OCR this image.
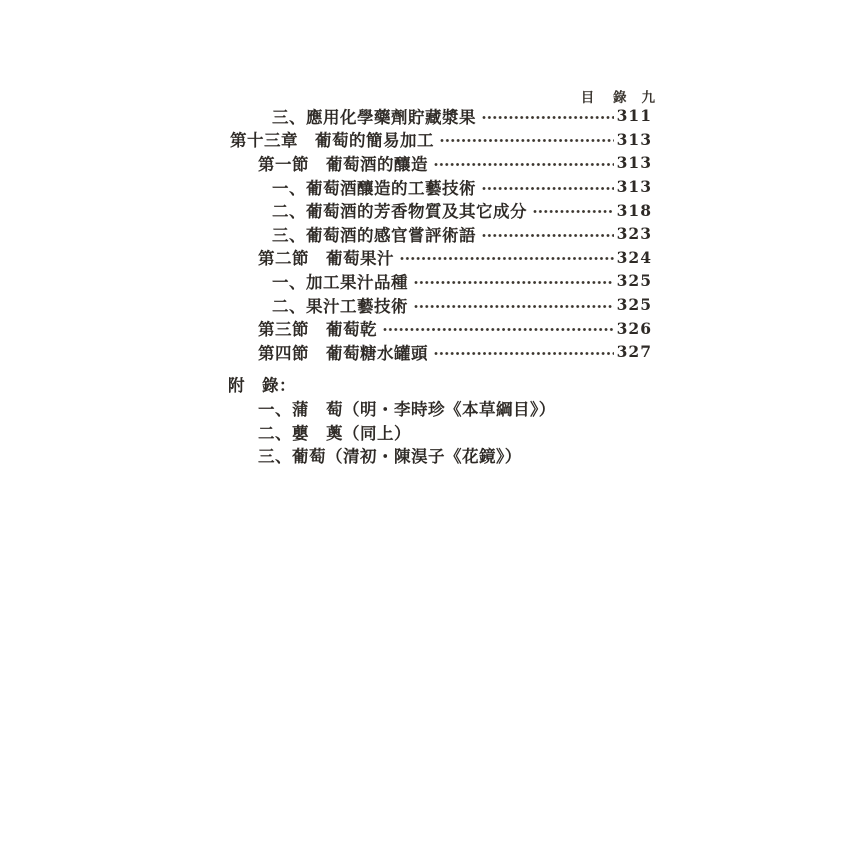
目 錄 九

三、應用化學藥劑貯藏漿果	311
第十三章　葡萄的簡易加工	313
第一節　葡萄酒的釀造	313
一、葡萄酒釀造的工藝技術	313
二、葡萄酒的芳香物質及其它成分	318
三、葡萄酒的感官嘗評術語	323
第二節　葡萄果汁	324
一、加工果汁品種	325
二、果汁工藝技術	325
第三節　葡萄乾	326
第四節　葡萄糖水罐頭	327
附　錄：
一、蒲　萄（明・李時珍《本草綱目》）
二、蘡　薁（同上）
三、葡萄（清初・陳淏子《花鏡》）
